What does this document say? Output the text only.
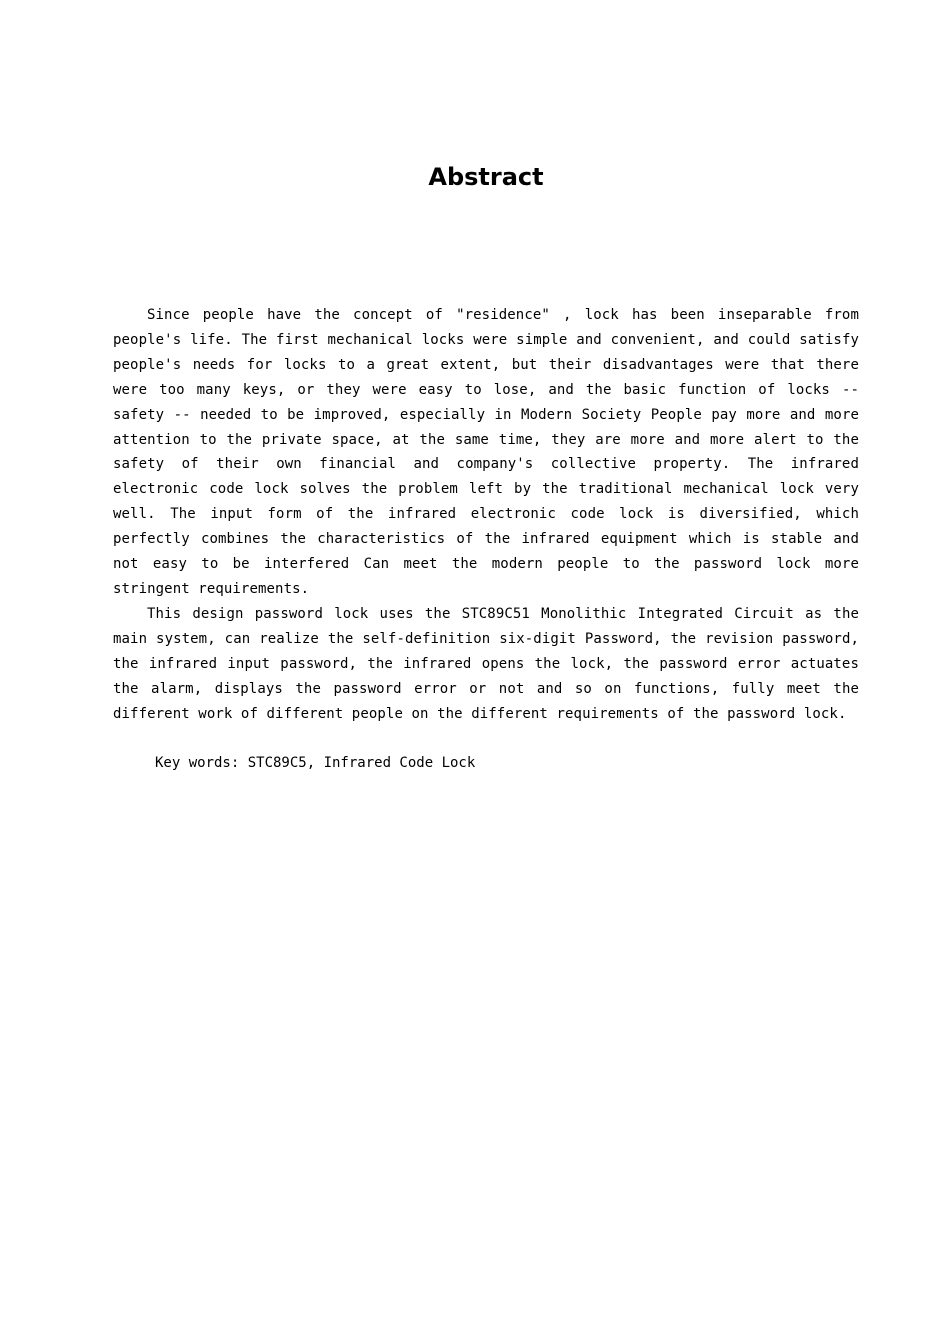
Abstract

Since people have the concept of "residence" , lock has been inseparable from people's life. The first mechanical locks were simple and convenient, and could satisfy people's needs for locks to a great extent, but their disadvantages were that there were too many keys, or they were easy to lose, and the basic function of locks -- safety -- needed to be improved, especially in Modern Society People pay more and more attention to the private space, at the same time, they are more and more alert to the safety of their own financial and company's collective property. The infrared electronic code lock solves the problem left by the traditional mechanical lock very well. The input form of the infrared electronic code lock is diversified, which perfectly combines the characteristics of the infrared equipment which is stable and not easy to be interfered Can meet the modern people to the password lock more stringent requirements.

This design password lock uses the STC89C51 Monolithic Integrated Circuit as the main system, can realize the self-definition six-digit Password, the revision password, the infrared input password, the infrared opens the lock, the password error actuates the alarm, displays the password error or not and so on functions, fully meet the different work of different people on the different requirements of the password lock.

Key words: STC89C5, Infrared Code Lock
